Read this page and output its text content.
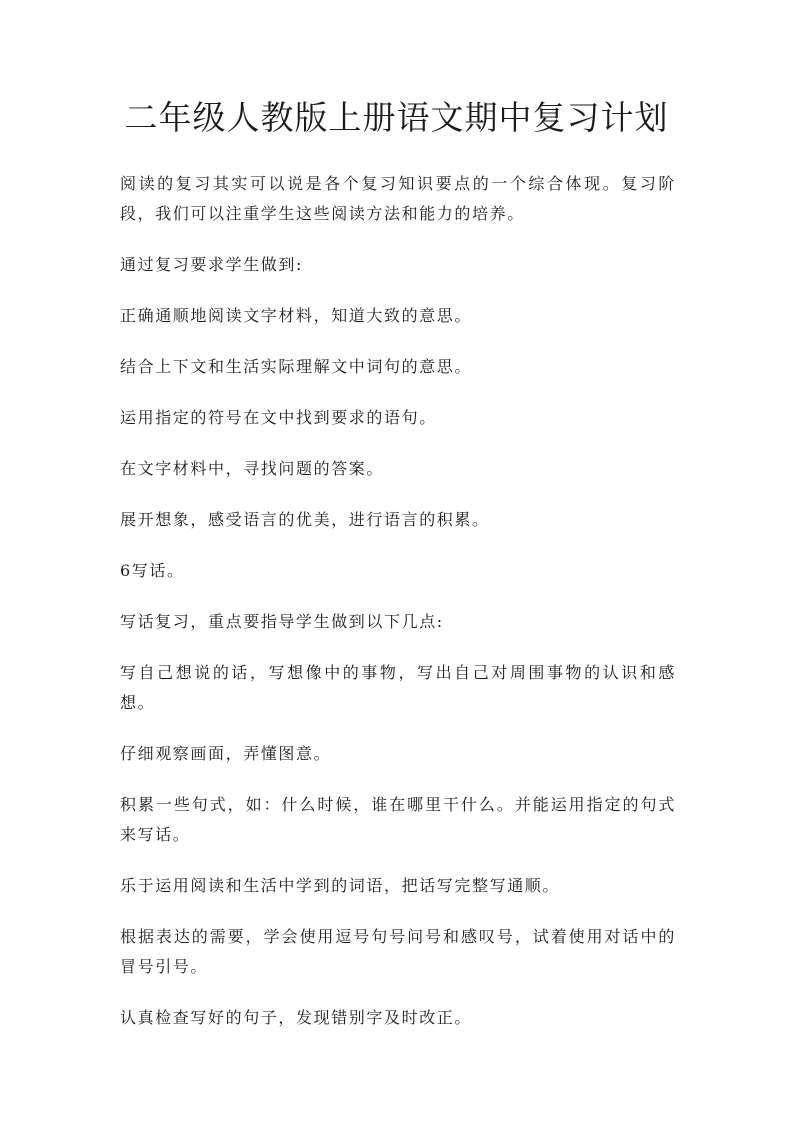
二年级人教版上册语文期中复习计划

阅读的复习其实可以说是各个复习知识要点的一个综合体现。复习阶段，我们可以注重学生这些阅读方法和能力的培养。

通过复习要求学生做到:

正确通顺地阅读文字材料，知道大致的意思。

结合上下文和生活实际理解文中词句的意思。

运用指定的符号在文中找到要求的语句。

在文字材料中，寻找问题的答案。

展开想象，感受语言的优美，进行语言的积累。

6写话。

写话复习，重点要指导学生做到以下几点:

写自己想说的话，写想像中的事物，写出自己对周围事物的认识和感想。

仔细观察画面，弄懂图意。

积累一些句式，如：什么时候，谁在哪里干什么。并能运用指定的句式来写话。

乐于运用阅读和生活中学到的词语，把话写完整写通顺。

根据表达的需要，学会使用逗号句号问号和感叹号，试着使用对话中的冒号引号。

认真检查写好的句子，发现错别字及时改正。
